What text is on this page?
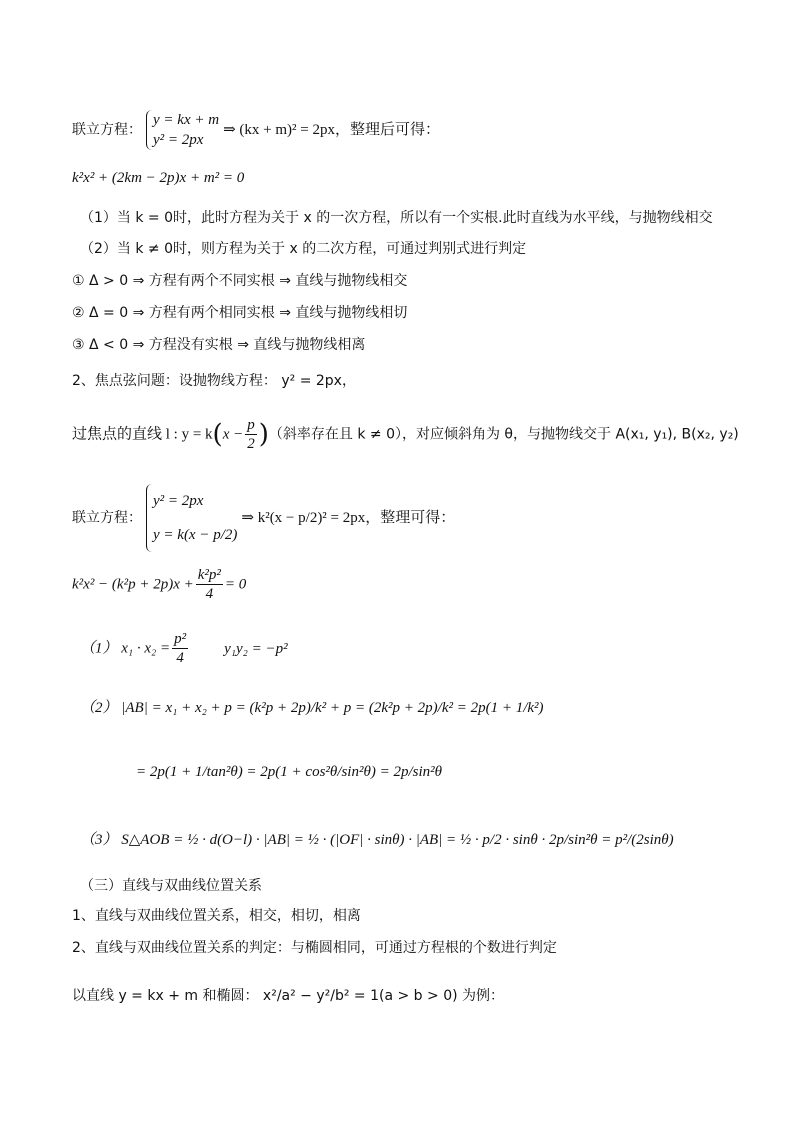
联立方程：
y = kx + m
y² = 2px
⇒ (kx + m)² = 2px，整理后可得：
k²x² + (2km − 2p)x + m² = 0
（1）当 k = 0时，此时方程为关于 x 的一次方程，所以有一个实根.此时直线为水平线，与抛物线相交
（2）当 k ≠ 0时，则方程为关于 x 的二次方程，可通过判别式进行判定
① Δ > 0 ⇒ 方程有两个不同实根 ⇒ 直线与抛物线相交
② Δ = 0 ⇒ 方程有两个相同实根 ⇒ 直线与抛物线相切
③ Δ < 0 ⇒ 方程没有实根 ⇒ 直线与抛物线相离
2、焦点弦问题：设抛物线方程： y² = 2px，
过焦点的直线 l : $y = k(x - \frac{p}{2}$ )（斜率存在且 k ≠ 0），对应倾斜角为 θ，与抛物线交于 A(x₁, y₁), B(x₂, y₂)
联立方程：
y² = 2px
y = k(x − p/2)
⇒ k²(x − p/2)² = 2px，整理可得：
$k^2x^2 - (k^2p + 2p)x + \frac{\text{k²p²}}{4} = 0$
（1） $x_1 \cdot x_2 = \frac{\text{p²}}{4} y_1y_2 = -p^2$
（2） |AB| = x₁ + x₂ + p = (k²p + 2p)/k² + p = (2k²p + 2p)/k² = 2p(1 + 1/k²)
= 2p(1 + 1/tan²θ) = 2p(1 + cos²θ/sin²θ) = 2p/sin²θ
（3） S△AOB = ½ · d(O−l) · |AB| = ½ · (|OF| · sinθ) · |AB| = ½ · p/2 · sinθ · 2p/sin²θ = p²/(2sinθ)
（三）直线与双曲线位置关系
1、直线与双曲线位置关系，相交，相切，相离
2、直线与双曲线位置关系的判定：与椭圆相同，可通过方程根的个数进行判定
以直线 y = kx + m 和椭圆： x²/a² − y²/b² = 1(a > b > 0) 为例：
